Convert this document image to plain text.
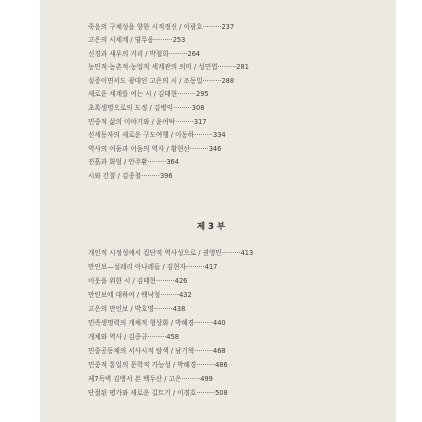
죽음의 구체성을 향한 시적정신 / 이광호·········237
고은의 시세계 / 염무웅·········253
신경과 새우의 거리 / 박철희·········264
농민적·농촌적·농업적 세계관의 의미 / 성민엽·········281
실증이면서도 광대인 고은의 시 / 조동일·········288
새로운 세계를 여는 시 / 김태현·········295
초록생명으로의 도정 / 김병익·········308
민중적 삶의 이야기와 / 윤여탁·········317
신세동자의 새로운 구도여행 / 이동하·········334
역사의 어둠과 어둠의 역사 / 황현산·········346
진흙과 화엄 / 안주환·········364
시와 간찰 / 김종철·········396
제 3 부
개인적 시정성에서 집단적 역사성으로 / 권영민·········413
만인보—설레리 아나레들 / 김현자·········417
이웃을 위한 시 / 김태현·········426
만인보에 대하여 / 백낙청·········432
고은의 만인보 / 박호영·········438
민족생명력의 개체적 형상화 / 박혜경·········440
개체와 역사 / 김종규·········458
민중공동체의 서사시적 탐색 / 남기혁·········468
민중적 통일의 문학적 가능성 / 박혜경·········486
제7독벽 김병서 본 백두산 / 고은·········499
단절된 평가와 새로운 길트기 / 이경호·········508
